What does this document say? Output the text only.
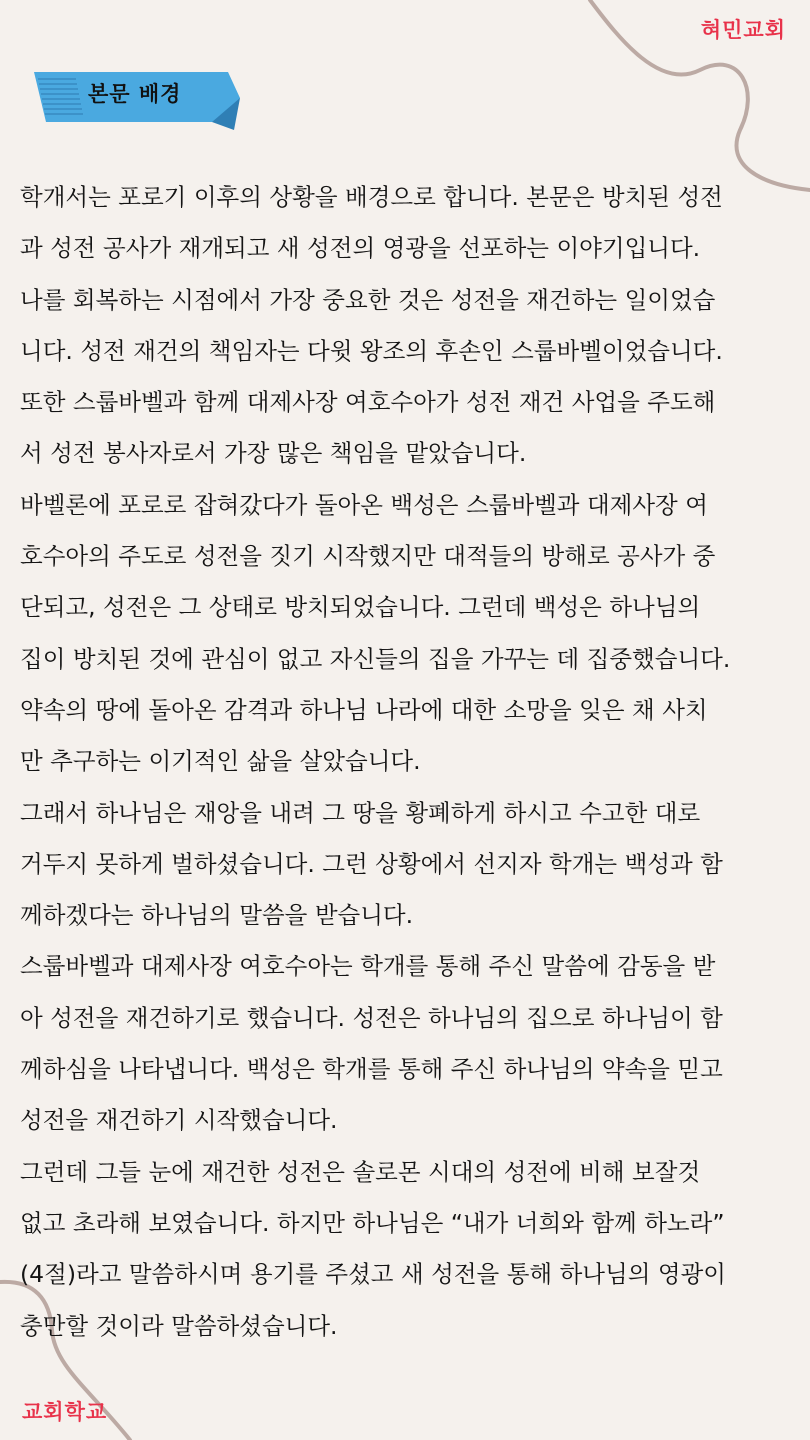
혀민교회
본문 배경
학개서는 포로기 이후의 상황을 배경으로 합니다. 본문은 방치된 성전
과 성전 공사가 재개되고 새 성전의 영광을 선포하는 이야기입니다.
나를 회복하는 시점에서 가장 중요한 것은 성전을 재건하는 일이었습
니다. 성전 재건의 책임자는 다윗 왕조의 후손인 스룹바벨이었습니다.
또한 스룹바벨과 함께 대제사장 여호수아가 성전 재건 사업을 주도해
서 성전 봉사자로서 가장 많은 책임을 맡았습니다.
바벨론에 포로로 잡혀갔다가 돌아온 백성은 스룹바벨과 대제사장 여
호수아의 주도로 성전을 짓기 시작했지만 대적들의 방해로 공사가 중
단되고, 성전은 그 상태로 방치되었습니다. 그런데 백성은 하나님의
집이 방치된 것에 관심이 없고 자신들의 집을 가꾸는 데 집중했습니다.
약속의 땅에 돌아온 감격과 하나님 나라에 대한 소망을 잊은 채 사치
만 추구하는 이기적인 삶을 살았습니다.
그래서 하나님은 재앙을 내려 그 땅을 황폐하게 하시고 수고한 대로
거두지 못하게 벌하셨습니다. 그런 상황에서 선지자 학개는 백성과 함
께하겠다는 하나님의 말씀을 받습니다.
스룹바벨과 대제사장 여호수아는 학개를 통해 주신 말씀에 감동을 받
아 성전을 재건하기로 했습니다. 성전은 하나님의 집으로 하나님이 함
께하심을 나타냅니다. 백성은 학개를 통해 주신 하나님의 약속을 믿고
성전을 재건하기 시작했습니다.
그런데 그들 눈에 재건한 성전은 솔로몬 시대의 성전에 비해 보잘것
없고 초라해 보였습니다. 하지만 하나님은 “내가 너희와 함께 하노라”
(4절)라고 말씀하시며 용기를 주셨고 새 성전을 통해 하나님의 영광이
충만할 것이라 말씀하셨습니다.
교회학교
